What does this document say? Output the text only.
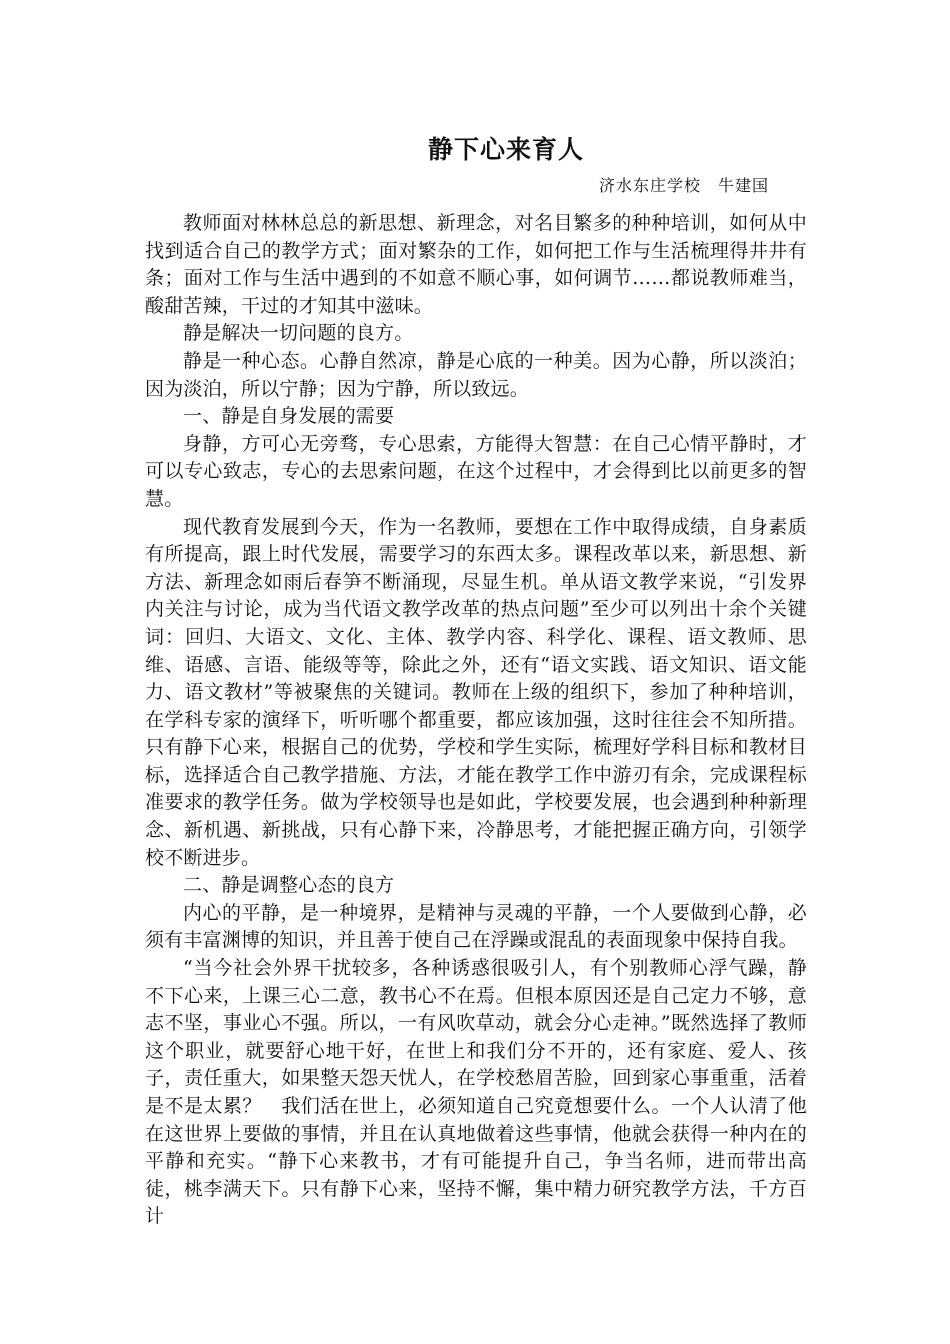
静下心来育人
济水东庄学校　牛建国

教师面对林林总总的新思想、新理念，对名目繁多的种种培训，如何从中找到适合自己的教学方式；面对繁杂的工作，如何把工作与生活梳理得井井有条；面对工作与生活中遇到的不如意不顺心事，如何调节……都说教师难当，酸甜苦辣，干过的才知其中滋味。

静是解决一切问题的良方。

静是一种心态。心静自然凉，静是心底的一种美。因为心静，所以淡泊；因为淡泊，所以宁静；因为宁静，所以致远。

一、静是自身发展的需要

身静，方可心无旁骛，专心思索，方能得大智慧：在自己心情平静时，才可以专心致志，专心的去思索问题，在这个过程中，才会得到比以前更多的智慧。

现代教育发展到今天，作为一名教师，要想在工作中取得成绩，自身素质有所提高，跟上时代发展，需要学习的东西太多。课程改革以来，新思想、新方法、新理念如雨后春笋不断涌现，尽显生机。单从语文教学来说，“引发界内关注与讨论，成为当代语文教学改革的热点问题”至少可以列出十余个关键词：回归、大语文、文化、主体、教学内容、科学化、课程、语文教师、思维、语感、言语、能级等等，除此之外，还有“语文实践、语文知识、语文能力、语文教材”等被聚焦的关键词。教师在上级的组织下，参加了种种培训，在学科专家的演绎下，听听哪个都重要，都应该加强，这时往往会不知所措。只有静下心来，根据自己的优势，学校和学生实际，梳理好学科目标和教材目标，选择适合自己教学措施、方法，才能在教学工作中游刃有余，完成课程标准要求的教学任务。做为学校领导也是如此，学校要发展，也会遇到种种新理念、新机遇、新挑战，只有心静下来，冷静思考，才能把握正确方向，引领学校不断进步。

二、静是调整心态的良方

内心的平静，是一种境界，是精神与灵魂的平静，一个人要做到心静，必须有丰富渊博的知识，并且善于使自己在浮躁或混乱的表面现象中保持自我。

“当今社会外界干扰较多，各种诱惑很吸引人，有个别教师心浮气躁，静不下心来，上课三心二意，教书心不在焉。但根本原因还是自己定力不够，意志不坚，事业心不强。所以，一有风吹草动，就会分心走神。”既然选择了教师这个职业，就要舒心地干好，在世上和我们分不开的，还有家庭、爱人、孩子，责任重大，如果整天怨天忧人，在学校愁眉苦脸，回到家心事重重，活着是不是太累？　我们活在世上，必须知道自己究竟想要什么。一个人认清了他在这世界上要做的事情，并且在认真地做着这些事情，他就会获得一种内在的平静和充实。“静下心来教书，才有可能提升自己，争当名师，进而带出高徒，桃李满天下。只有静下心来，坚持不懈，集中精力研究教学方法，千方百计
